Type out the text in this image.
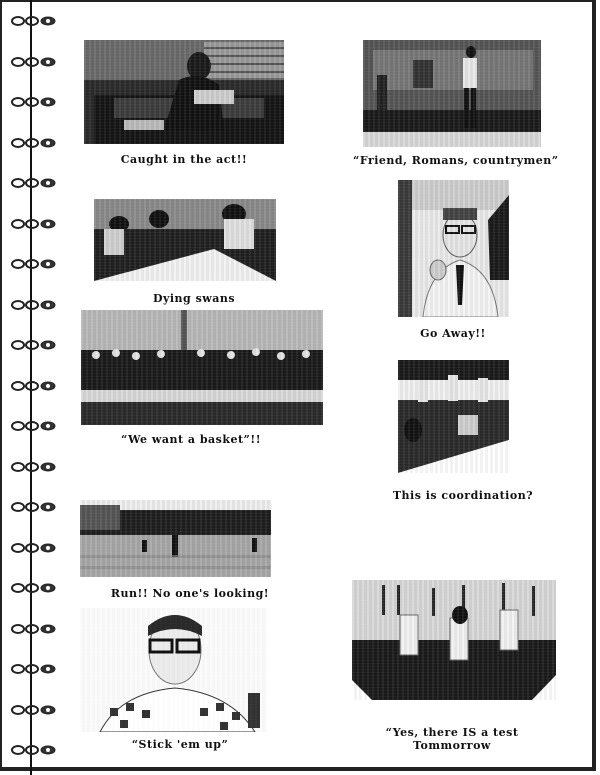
Caught in the act!!	“Friend, Romans, countrymen”
Dying swans
Go Away!!
“We want a basket”!!
This is coordination?
Run!! No one's looking!
“Yes, there IS a test
Tommorrow
“Stick 'em up”
